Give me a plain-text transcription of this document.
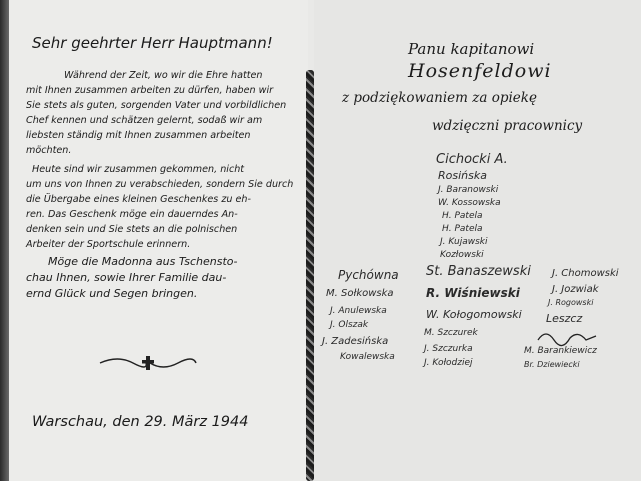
Sehr geehrter Herr Hauptmann!
Während der Zeit, wo wir die Ehre hatten
mit Ihnen zusammen arbeiten zu dürfen, haben wir
Sie stets als guten, sorgenden Vater und vorbildlichen
Chef kennen und schätzen gelernt, sodaß wir am
liebsten ständig mit Ihnen zusammen arbeiten
möchten.
Heute sind wir zusammen gekommen, nicht
um uns von Ihnen zu verabschieden, sondern Sie durch
die Übergabe eines kleinen Geschenkes zu eh-
ren. Das Geschenk möge ein dauerndes An-
denken sein und Sie stets an die polnischen
Arbeiter der Sportschule erinnern.
Möge die Madonna aus Tschensto-
chau Ihnen, sowie Ihrer Familie dau-
ernd Glück und Segen bringen.
Warschau, den 29. März 1944
Panu kapitanowi
Hosenfeldowi
z podziękowaniem za opiekę
wdzięczni pracownicy
Cichocki A.
Rosińska
J. Baranowski
W. Kossowska
H. Patela
H. Patela
J. Kujawski
Kozłowski
Pychówna
M. Sołkowska
J. Anulewska
J. Olszak
J. Zadesińska
Kowalewska
St. Banaszewski
R. Wiśniewski
W. Kołogomowski
M. Szczurek
J. Szczurka
J. Kołodziej
J. Chomowski
J. Jozwiak
J. Rogowski
Leszcz
M. Barankiewicz
Br. Dziewiecki
